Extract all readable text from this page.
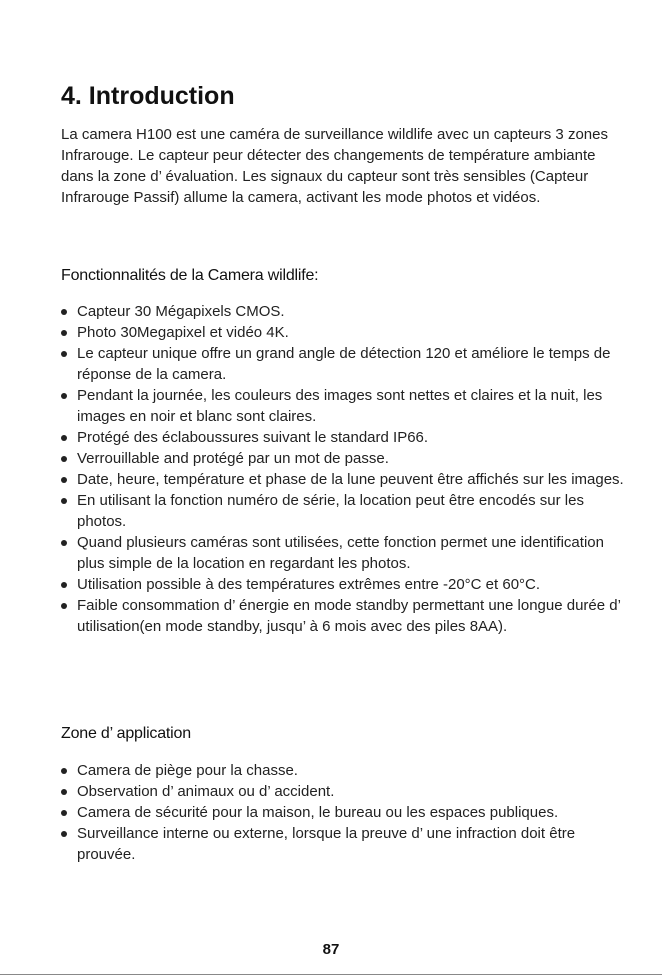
4. Introduction

La camera H100 est une caméra de surveillance wildlife avec un capteurs 3 zones Infrarouge. Le capteur peur détecter des changements de température ambiante dans la zone d’ évaluation. Les signaux du capteur sont très sensibles (Capteur Infrarouge Passif) allume la camera, activant les mode photos et vidéos.

Fonctionnalités de la Camera wildlife:
Capteur 30 Mégapixels CMOS.
Photo 30Megapixel et vidéo 4K.
Le capteur unique offre un grand angle de détection 120 et améliore le temps de réponse de la camera.
Pendant la journée, les couleurs des images sont nettes et claires et la nuit, les images en noir et blanc sont claires.
Protégé des éclaboussures suivant le standard IP66.
Verrouillable and protégé par un mot de passe.
Date, heure, température et phase de la lune peuvent être affichés sur les images.
En utilisant la fonction numéro de série, la location peut être encodés sur les photos.
Quand plusieurs caméras sont utilisées, cette fonction permet une identification plus simple de la location en regardant les photos.
Utilisation possible à des températures extrêmes entre -20°C et 60°C.
Faible consommation d’ énergie en mode standby permettant une longue durée d’ utilisation(en mode standby, jusqu’ à 6 mois avec des piles 8AA).
Zone d’ application
Camera de piège pour la chasse.
Observation d’ animaux ou d’ accident.
Camera de sécurité pour la maison, le bureau ou les espaces publiques.
Surveillance interne ou externe, lorsque la preuve d’ une infraction doit être prouvée.
87
